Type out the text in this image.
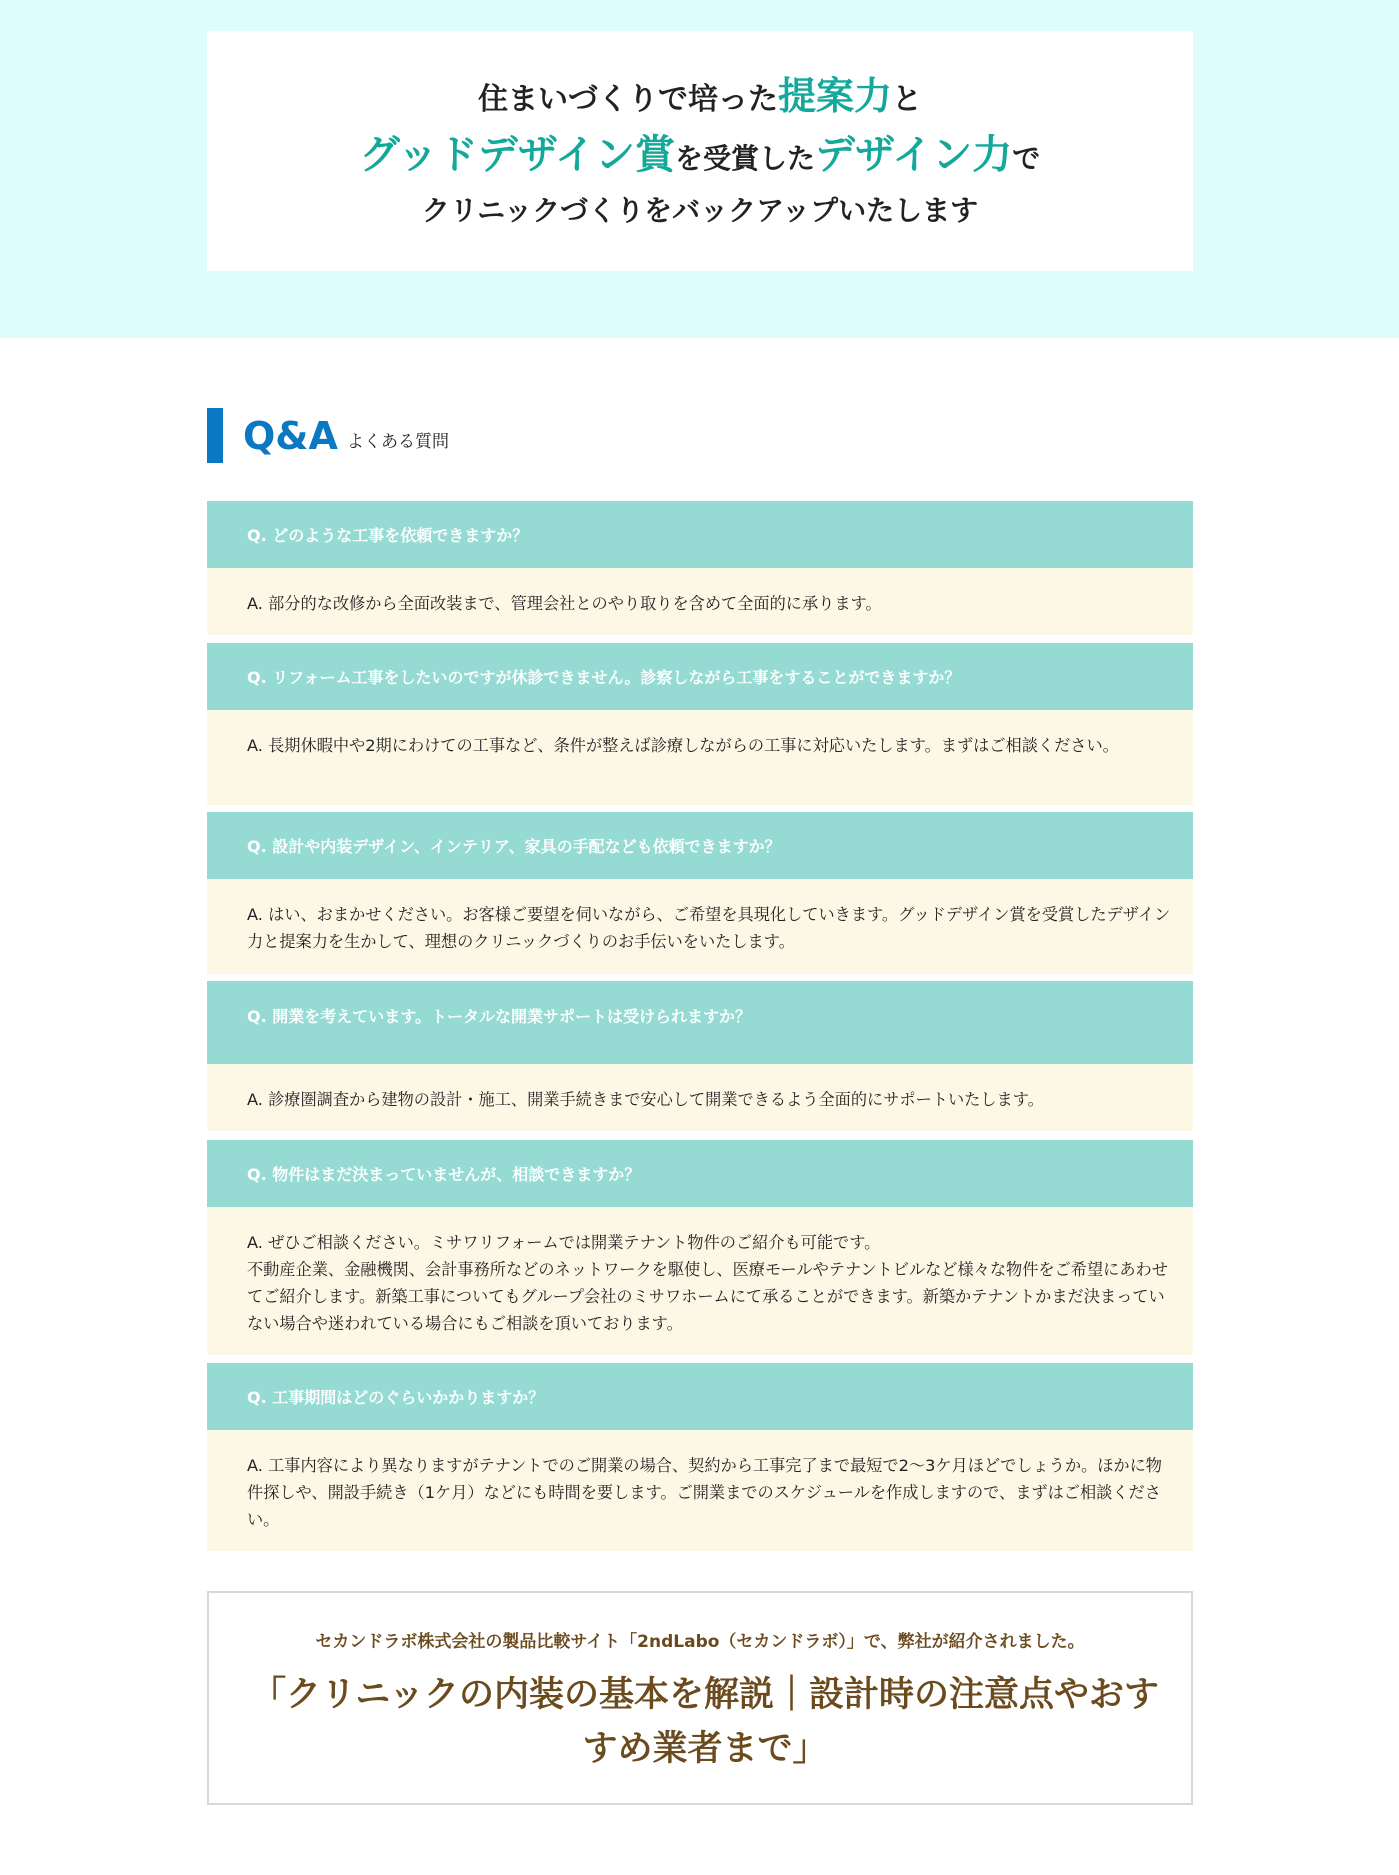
住まいづくりで培った提案力と
グッドデザイン賞を受賞したデザイン力で
クリニックづくりをバックアップいたします
Q&A よくある質問
Q. どのような工事を依頼できますか？
A. 部分的な改修から全面改装まで、管理会社とのやり取りを含めて全面的に承ります。
Q. リフォーム工事をしたいのですが休診できません。診察しながら工事をすることができますか？
A. 長期休暇中や2期にわけての工事など、条件が整えば診療しながらの工事に対応いたします。まずはご相談ください。
Q. 設計や内装デザイン、インテリア、家具の手配なども依頼できますか？
A. はい、おまかせください。お客様ご要望を伺いながら、ご希望を具現化していきます。グッドデザイン賞を受賞したデザイン力と提案力を生かして、理想のクリニックづくりのお手伝いをいたします。
Q. 開業を考えています。トータルな開業サポートは受けられますか？
A. 診療圏調査から建物の設計・施工、開業手続きまで安心して開業できるよう全面的にサポートいたします。
Q. 物件はまだ決まっていませんが、相談できますか？
A. ぜひご相談ください。ミサワリフォームでは開業テナント物件のご紹介も可能です。
不動産企業、金融機関、会計事務所などのネットワークを駆使し、医療モールやテナントビルなど様々な物件をご希望にあわせてご紹介します。新築工事についてもグループ会社のミサワホームにて承ることができます。新築かテナントかまだ決まっていない場合や迷われている場合にもご相談を頂いております。
Q. 工事期間はどのぐらいかかりますか？
A. 工事内容により異なりますがテナントでのご開業の場合、契約から工事完了まで最短で2〜3ケ月ほどでしょうか。ほかに物件探しや、開設手続き（1ケ月）などにも時間を要します。ご開業までのスケジュールを作成しますので、まずはご相談ください。
セカンドラボ株式会社の製品比較サイト「2ndLabo（セカンドラボ）」で、弊社が紹介されました。
「クリニックの内装の基本を解説｜設計時の注意点やおすすめ業者まで」
